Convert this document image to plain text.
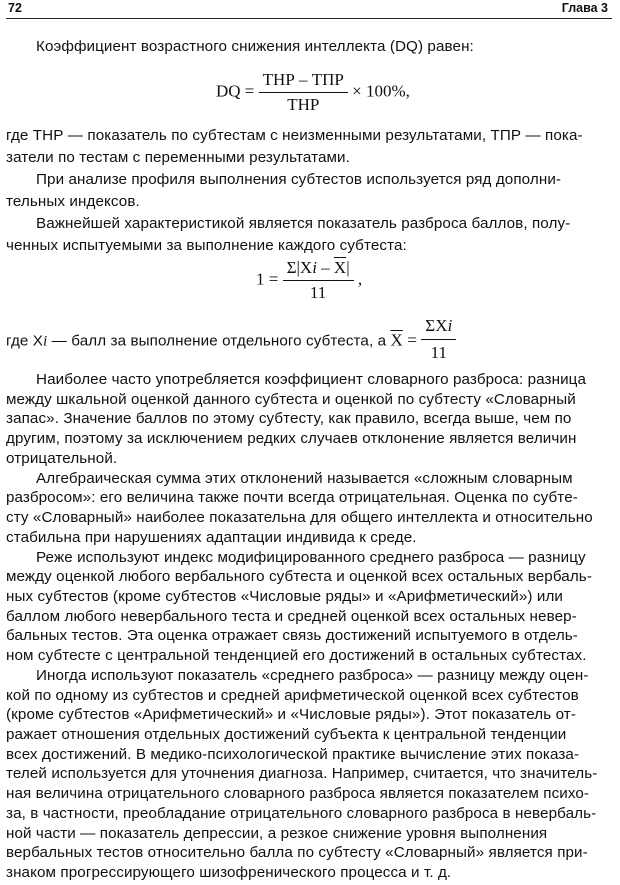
72	Глава 3
Коэффициент возрастного снижения интеллекта (DQ) равен:
DQ = $\frac{\text{ТНР – ТПР}}{\text{ТНР}} \times 100\%$,
где ТНР — показатель по субтестам с неизменными результатами, ТПР — пока-
затели по тестам с переменными результатами.
При анализе профиля выполнения субтестов используется ряд дополни-
тельных индексов.
Важнейшей характеристикой является показатель разброса баллов, полу-
ченных испытуемыми за выполнение каждого субтеста:
$1 = \frac{\Sigma|Xi - \overline{X}|}{11}$ ,
где Xi — балл за выполнение отдельного субтеста, а $\overline{X} = \frac{\text{ΣXi}}{11}$
Наиболее часто употребляется коэффициент словарного разброса: разница
между шкальной оценкой данного субтеста и оценкой по субтесту «Словарный
запас». Значение баллов по этому субтесту, как правило, всегда выше, чем по
другим, поэтому за исключением редких случаев отклонение является величин
отрицательной.
Алгебраическая сумма этих отклонений называется «сложным словарным
разбросом»: его величина также почти всегда отрицательная. Оценка по субте-
сту «Словарный» наиболее показательна для общего интеллекта и относительно
стабильна при нарушениях адаптации индивида к среде.
Реже используют индекс модифицированного среднего разброса — разницу
между оценкой любого вербального субтеста и оценкой всех остальных вербаль-
ных субтестов (кроме субтестов «Числовые ряды» и «Арифметический») или
баллом любого невербального теста и средней оценкой всех остальных невер-
бальных тестов. Эта оценка отражает связь достижений испытуемого в отдель-
ном субтесте с центральной тенденцией его достижений в остальных субтестах.
Иногда используют показатель «среднего разброса» — разницу между оцен-
кой по одному из субтестов и средней арифметической оценкой всех субтестов
(кроме субтестов «Арифметический» и «Числовые ряды»). Этот показатель от-
ражает отношения отдельных достижений субъекта к центральной тенденции
всех достижений. В медико-психологической практике вычисление этих показа-
телей используется для уточнения диагноза. Например, считается, что значитель-
ная величина отрицательного словарного разброса является показателем психо-
за, в частности, преобладание отрицательного словарного разброса в невербаль-
ной части — показатель депрессии, а резкое снижение уровня выполнения
вербальных тестов относительно балла по субтесту «Словарный» является при-
знаком прогрессирующего шизофренического процесса и т. д.
